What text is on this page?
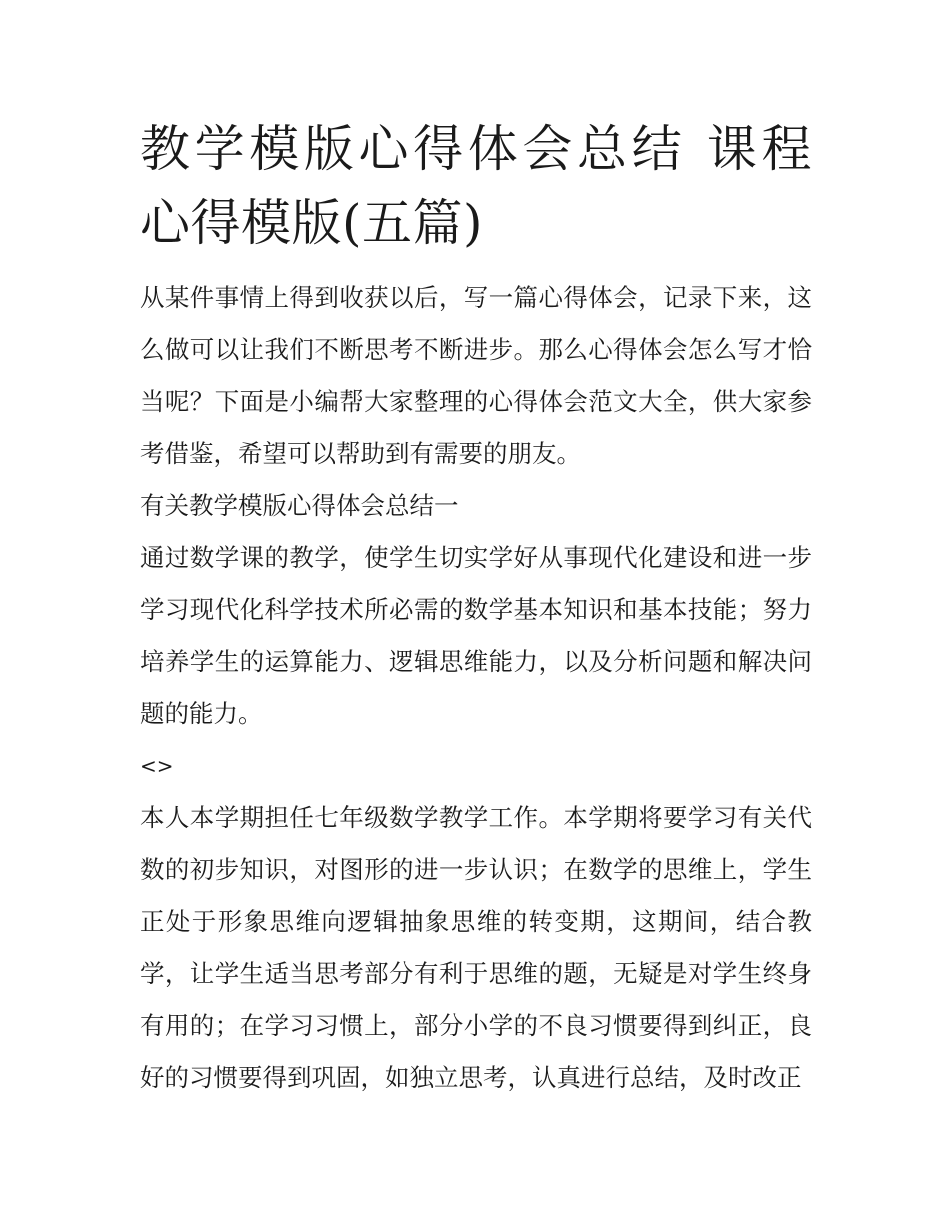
教学模版心得体会总结 课程心得模版(五篇)

从某件事情上得到收获以后，写一篇心得体会，记录下来，这么做可以让我们不断思考不断进步。那么心得体会怎么写才恰当呢？下面是小编帮大家整理的心得体会范文大全，供大家参考借鉴，希望可以帮助到有需要的朋友。

有关教学模版心得体会总结一

通过数学课的教学，使学生切实学好从事现代化建设和进一步学习现代化科学技术所必需的数学基本知识和基本技能；努力培养学生的运算能力、逻辑思维能力，以及分析问题和解决问题的能力。

<>

本人本学期担任七年级数学教学工作。本学期将要学习有关代数的初步知识，对图形的进一步认识；在数学的思维上，学生正处于形象思维向逻辑抽象思维的转变期，这期间，结合教学，让学生适当思考部分有利于思维的题，无疑是对学生终身有用的；在学习习惯上，部分小学的不良习惯要得到纠正，良好的习惯要得到巩固，如独立思考，认真进行总结，及时改正
